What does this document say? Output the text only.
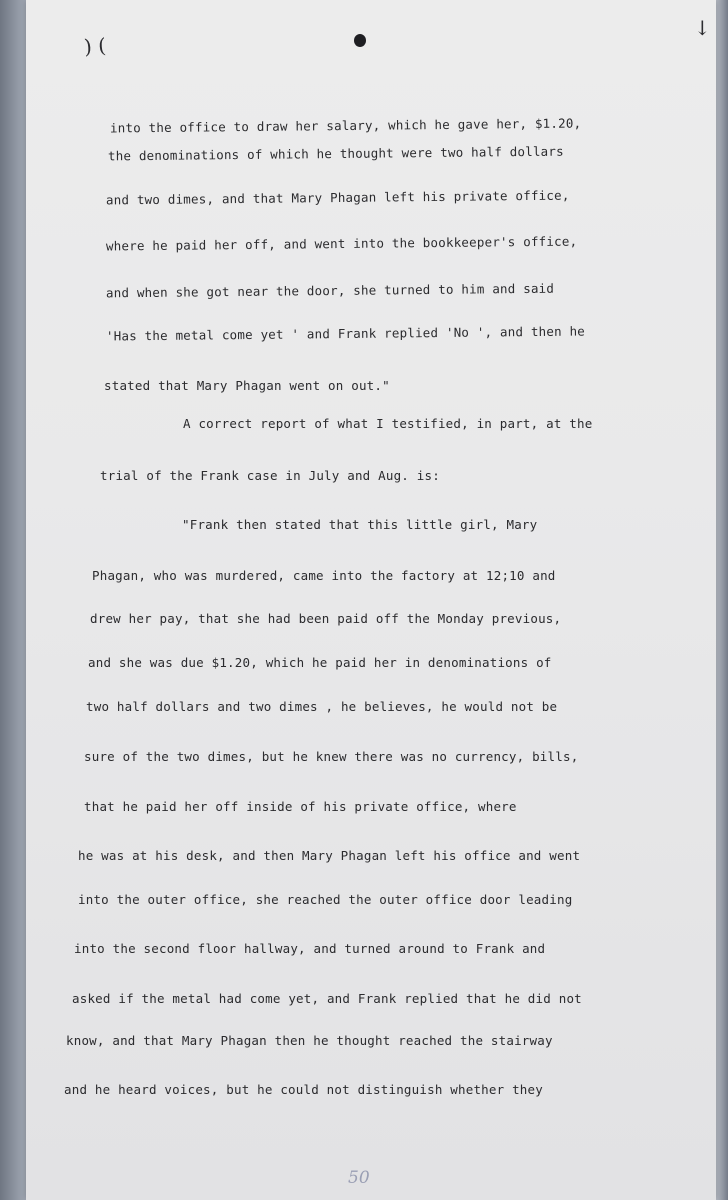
) (
↓
into the office to draw her salary, which he gave her, $1.20,
the denominations of which he thought were two half dollars
and two dimes, and that Mary Phagan left his private office,
where he paid her off, and went into the bookkeeper's office,
and when she got near the door, she turned to him and said
'Has the metal come yet ' and Frank replied 'No ', and then he
stated that Mary Phagan went on out."
A correct report of what I testified, in part, at the
trial of the Frank case in July and Aug. is:
"Frank then stated that this little girl, Mary
Phagan, who was murdered, came into the factory at 12;10 and
drew her pay, that she had been paid off the Monday previous,
and she was due $1.20, which he paid her in denominations of
two half dollars and two dimes , he believes, he would not be
sure of the two dimes, but he knew there was no currency, bills,
that he paid her off inside of his private office, where
he was at his desk, and then Mary Phagan left his office and went
into the outer office, she reached the outer office door leading
into the second floor hallway, and turned around to Frank and
asked if the metal had come yet, and Frank replied that he did not
know, and that Mary Phagan then he thought reached the stairway
and he heard voices, but he could not distinguish whether they
50
